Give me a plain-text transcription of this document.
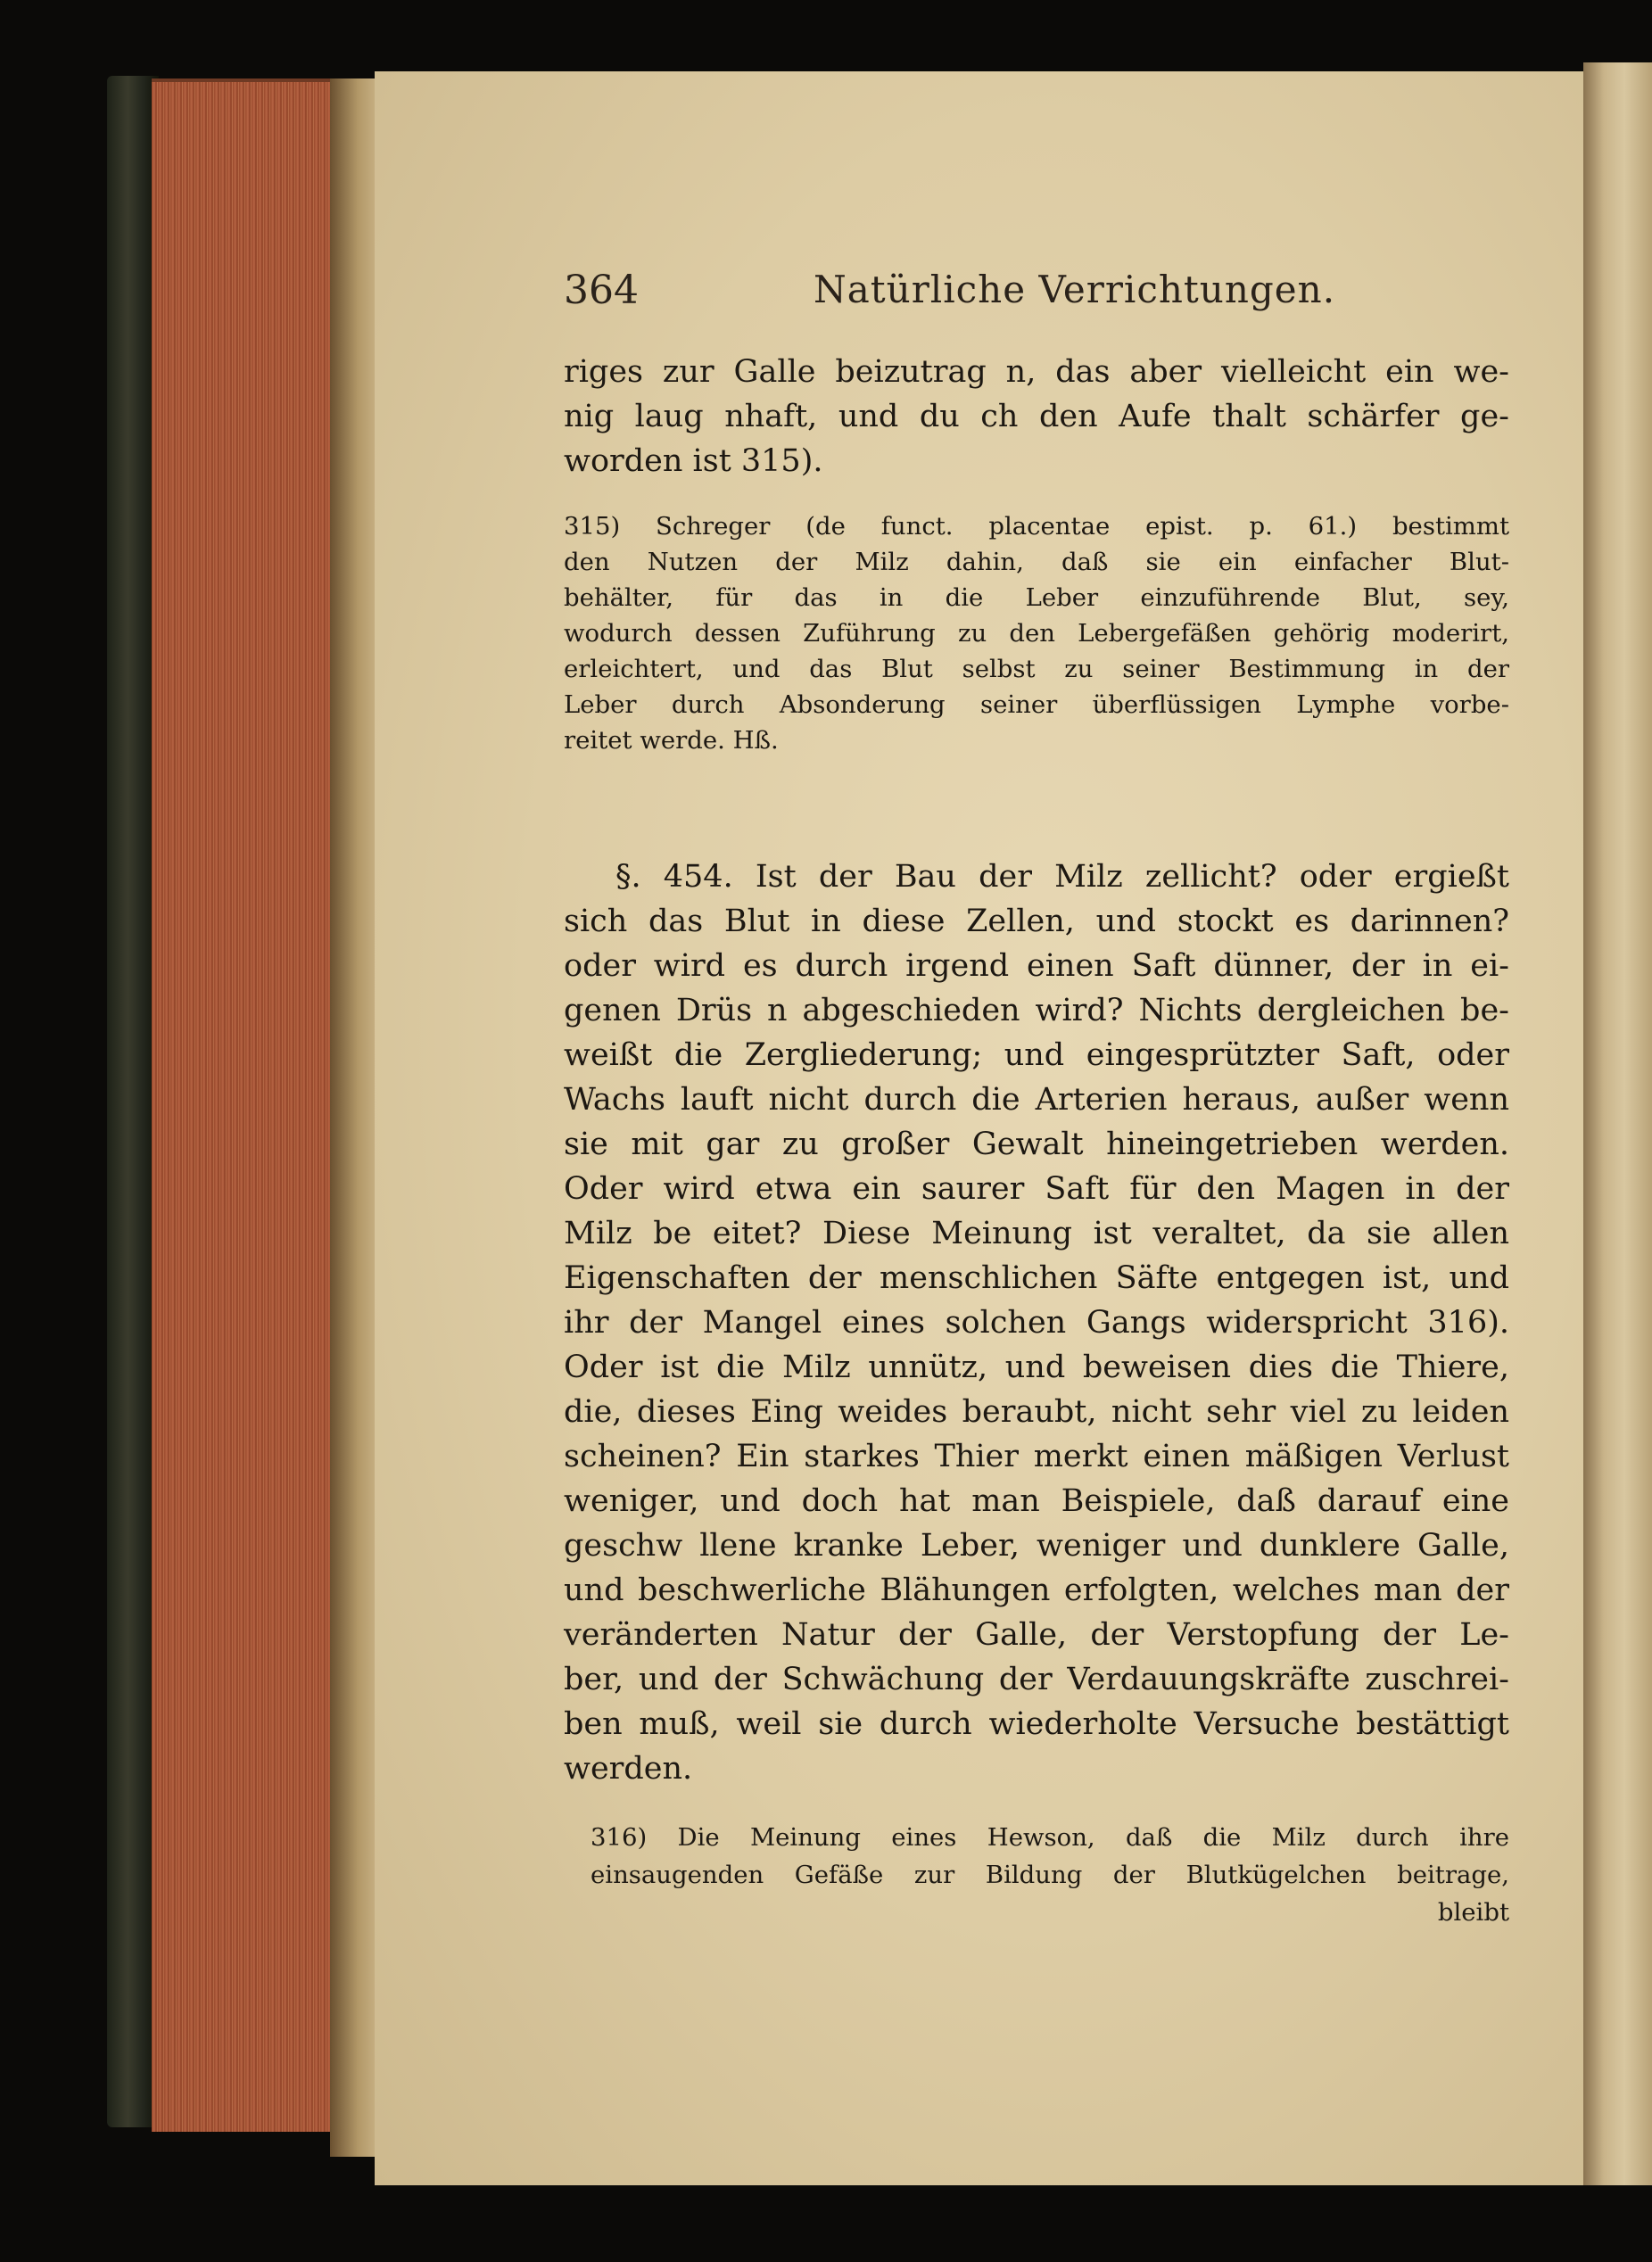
364	Natürliche Verrichtungen.
riges zur Galle beizutrag n, das aber vielleicht ein we-
nig laug nhaft, und du ch den Aufe thalt schärfer ge-
worden ist 315).
315) Schreger (de funct. placentae epist. p. 61.) bestimmt
den Nutzen der Milz dahin, daß sie ein einfacher Blut-
behälter, für das in die Leber einzuführende Blut, sey,
wodurch dessen Zuführung zu den Lebergefäßen gehörig moderirt,
erleichtert, und das Blut selbst zu seiner Bestimmung in der
Leber durch Absonderung seiner überflüssigen Lymphe vorbe-
reitet werde. Hß.
§. 454. Ist der Bau der Milz zellicht? oder ergießt
sich das Blut in diese Zellen, und stockt es darinnen?
oder wird es durch irgend einen Saft dünner, der in ei-
genen Drüs n abgeschieden wird? Nichts dergleichen be-
weißt die Zergliederung; und eingesprützter Saft, oder
Wachs lauft nicht durch die Arterien heraus, außer wenn
sie mit gar zu großer Gewalt hineingetrieben werden.
Oder wird etwa ein saurer Saft für den Magen in der
Milz be eitet? Diese Meinung ist veraltet, da sie allen
Eigenschaften der menschlichen Säfte entgegen ist, und
ihr der Mangel eines solchen Gangs widerspricht 316).
Oder ist die Milz unnütz, und beweisen dies die Thiere,
die, dieses Eing weides beraubt, nicht sehr viel zu leiden
scheinen? Ein starkes Thier merkt einen mäßigen Verlust
weniger, und doch hat man Beispiele, daß darauf eine
geschw llene kranke Leber, weniger und dunklere Galle,
und beschwerliche Blähungen erfolgten, welches man der
veränderten Natur der Galle, der Verstopfung der Le-
ber, und der Schwächung der Verdauungskräfte zuschrei-
ben muß, weil sie durch wiederholte Versuche bestättigt
werden.
316) Die Meinung eines Hewson, daß die Milz durch ihre
einsaugenden Gefäße zur Bildung der Blutkügelchen beitrage,
bleibt
